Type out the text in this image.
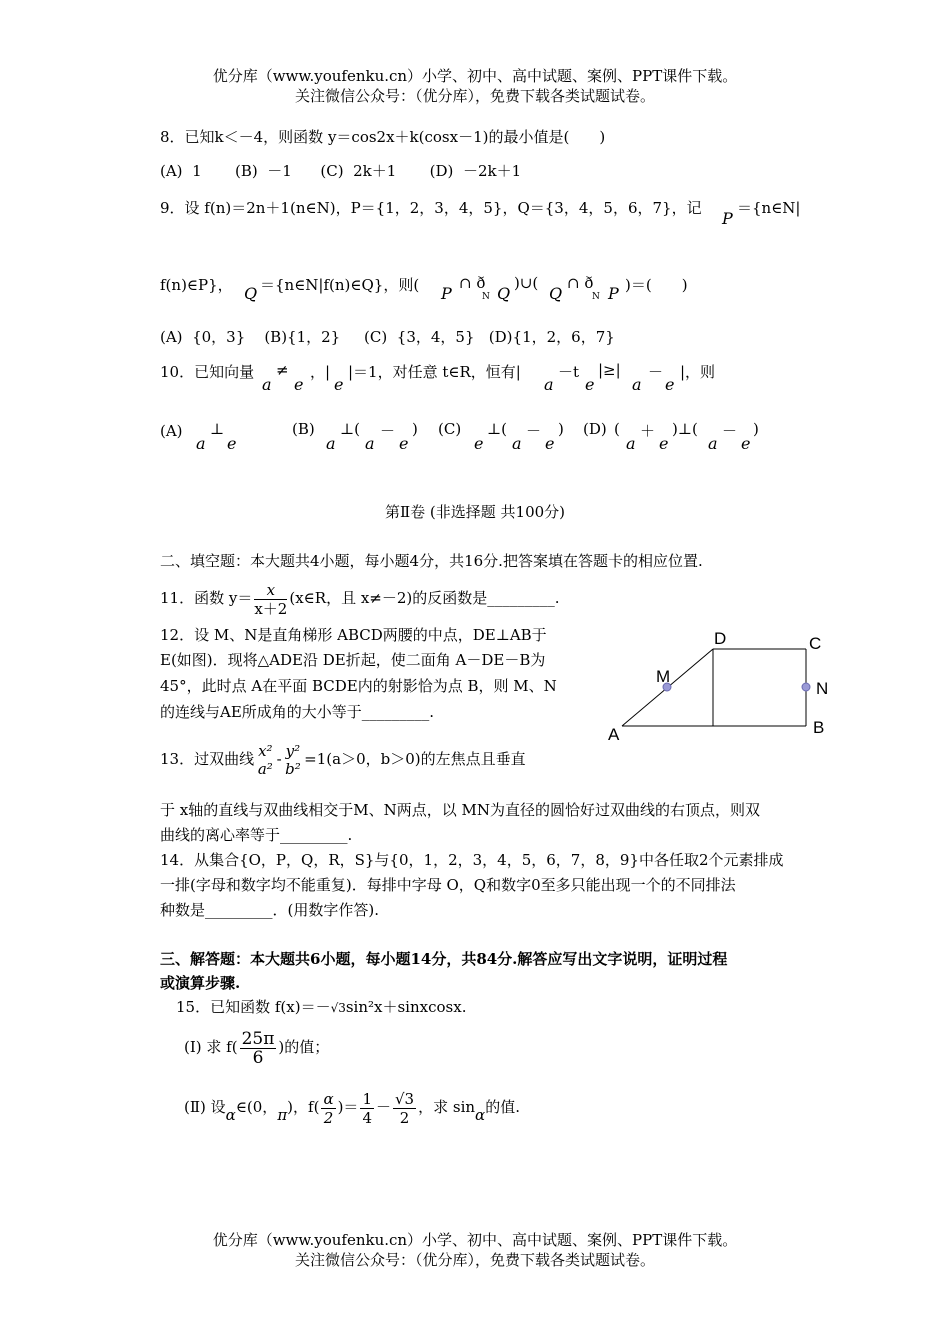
优分库（www.youfenku.cn）小学、初中、高中试题、案例、PPT课件下载。
关注微信公众号：（优分库），免费下载各类试题试卷。
8．已知k＜－4，则函数 y＝cos2x＋k(cosx－1)的最小值是(　　)
(A)  1       (B)  －1      (C)  2k＋1       (D)  －2k＋1
9．设 f(n)＝2n＋1(n∈N)，P＝{1，2，3，4，5}，Q＝{3，4，5，6，7}，记
P
＝{n∈N|
f(n)∈P}， Q ＝{n∈N|f(n)∈Q}，则( P
∩ ð
N Q
)∪(
Q
∩ ð
N P )＝(　　)
(A)  {0，3}    (B){1，2}     (C)  {3，4，5}   (D){1，2，6，7}
10．已知向量
a
≠
e
，|
e
|＝1，对任意 t∈R，恒有|
a
－t
e
|≥|
a
－
e
|，则
(A)
a
⊥
e
(B)
a
⊥(
a
－
e
) (C)
e
⊥(
a
－
e
) (D) (
a
＋
e
)⊥(
a
－
e
)
第Ⅱ卷 (非选择题 共100分)
二、填空题：本大题共4小题，每小题4分，共16分.把答案填在答题卡的相应位置.
11．函数 $y= \frac{x}{x+2}$ (x∈R，且 x≠－2)的反函数是_________.
12．设 M、N是直角梯形 ABCD两腰的中点，DE⊥AB于
E(如图)．现将△ADE沿 DE折起，使二面角 A－DE－B为
45°，此时点 A在平面 BCDE内的射影恰为点 B，则 M、N
的连线与AE所成角的大小等于_________.
A	B
C
D
M
N
13．过双曲线 x²
a²
- y²
b²
=1(a＞0，b＞0)的左焦点且垂直
于 x轴的直线与双曲线相交于M、N两点，以 MN为直径的圆恰好过双曲线的右顶点，则双
曲线的离心率等于_________.
14．从集合{O，P，Q，R，S}与{0，1，2，3，4，5，6，7，8，9}中各任取2个元素排成
一排(字母和数字均不能重复)．每排中字母 O，Q和数字0至多只能出现一个的不同排法
种数是_________．(用数字作答).
三、解答题：本大题共6小题，每小题14分，共84分.解答应写出文字说明，证明过程
或演算步骤.
15．已知函数 f(x)＝－√3sin²x＋sinxcosx.
(Ⅰ) 求 $f( \frac{25\pi}{6}$ )的值；
(Ⅱ) 设α∈(0，π)，$f( \frac{\alpha}{2}$ )＝ $\frac{1}{4} - \frac{√3}{2}$ ，求 sinα的值.
优分库（www.youfenku.cn）小学、初中、高中试题、案例、PPT课件下载。
关注微信公众号：（优分库），免费下载各类试题试卷。
